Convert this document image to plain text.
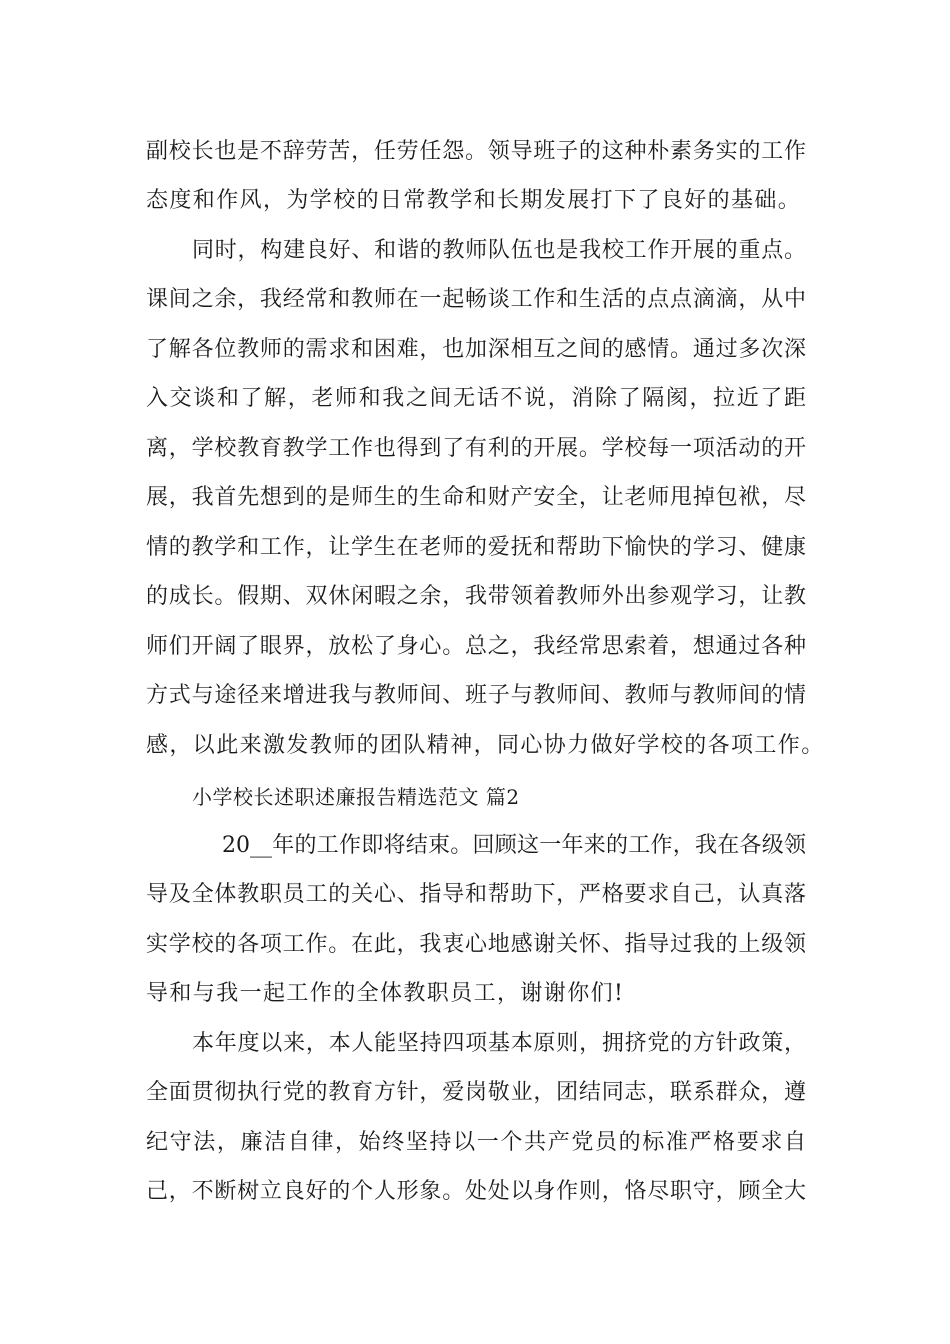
副校长也是不辞劳苦，任劳任怨。领导班子的这种朴素务实的工作
态度和作风，为学校的日常教学和长期发展打下了良好的基础。
同时，构建良好、和谐的教师队伍也是我校工作开展的重点。
课间之余，我经常和教师在一起畅谈工作和生活的点点滴滴，从中
了解各位教师的需求和困难，也加深相互之间的感情。通过多次深
入交谈和了解，老师和我之间无话不说，消除了隔阂，拉近了距
离，学校教育教学工作也得到了有利的开展。学校每一项活动的开
展，我首先想到的是师生的生命和财产安全，让老师甩掉包袱，尽
情的教学和工作，让学生在老师的爱抚和帮助下愉快的学习、健康
的成长。假期、双休闲暇之余，我带领着教师外出参观学习，让教
师们开阔了眼界，放松了身心。总之，我经常思索着，想通过各种
方式与途径来增进我与教师间、班子与教师间、教师与教师间的情
感，以此来激发教师的团队精神，同心协力做好学校的各项工作。
小学校长述职述廉报告精选范文 篇2
20__年的工作即将结束。回顾这一年来的工作，我在各级领
导及全体教职员工的关心、指导和帮助下，严格要求自己，认真落
实学校的各项工作。在此，我衷心地感谢关怀、指导过我的上级领
导和与我一起工作的全体教职员工，谢谢你们!
本年度以来，本人能坚持四项基本原则，拥挤党的方针政策，
全面贯彻执行党的教育方针，爱岗敬业，团结同志，联系群众，遵
纪守法，廉洁自律，始终坚持以一个共产党员的标准严格要求自
己，不断树立良好的个人形象。处处以身作则，恪尽职守，顾全大
